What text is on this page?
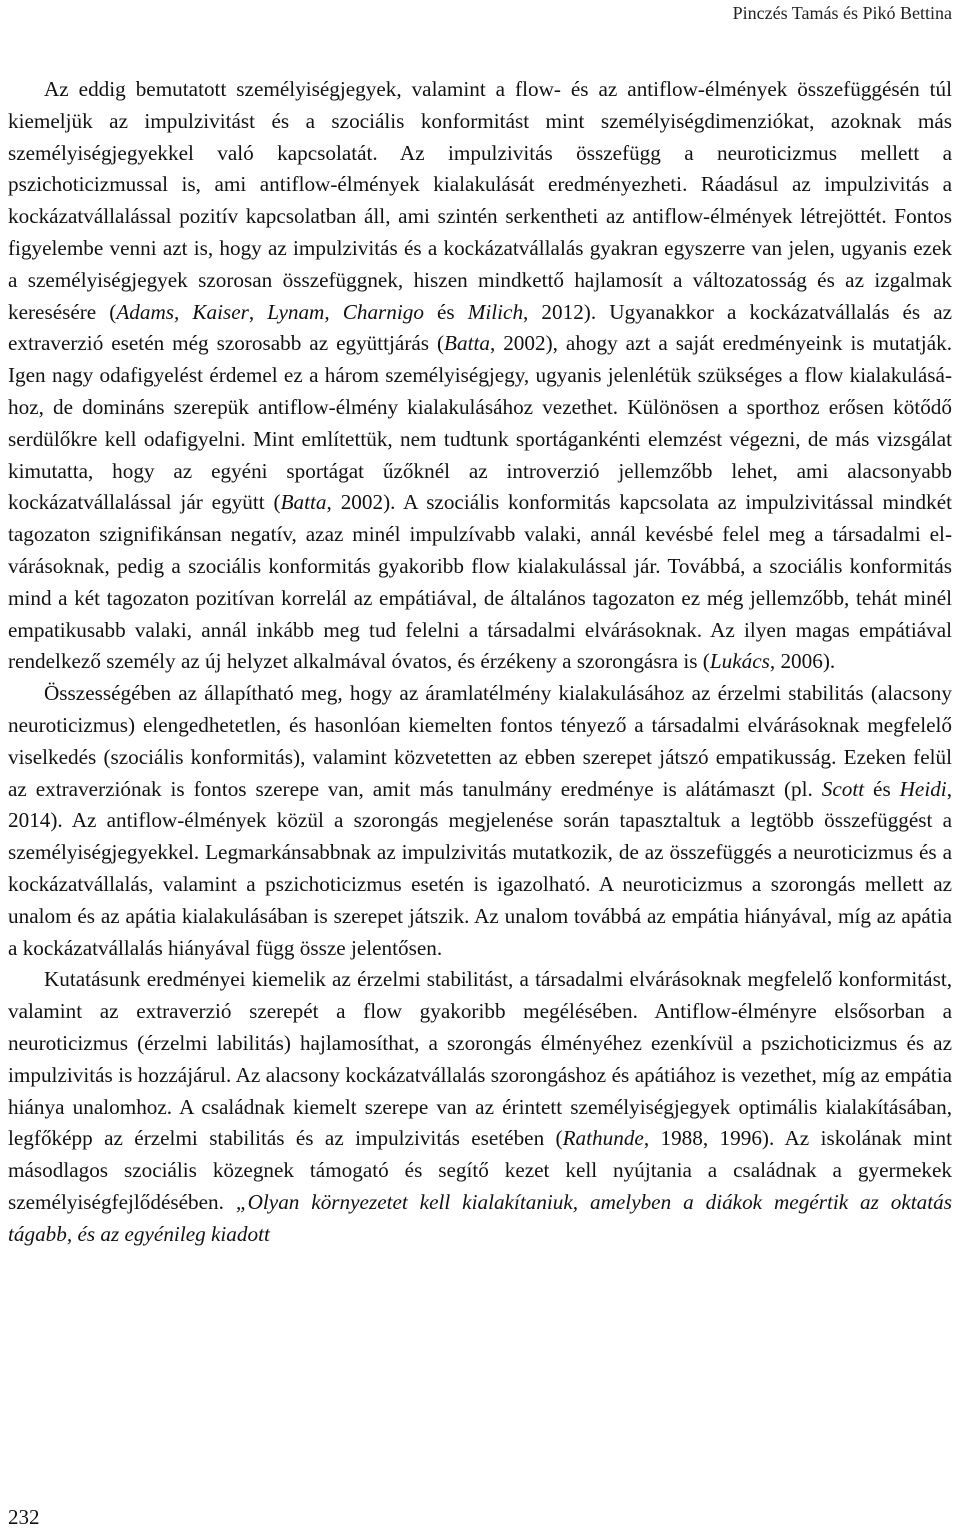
Pinczés Tamás és Pikó Bettina

Az eddig bemutatott személyiségjegyek, valamint a flow- és az antiflow-élmények összefüggésén túl kiemeljük az impulzivitást és a szociális konformitást mint személyiségdimenziókat, azoknak más személyiségjegyekkel való kapcsolatát. Az impulzivitás összefügg a neuroticizmus mellett a pszichoticizmussal is, ami antiflow-élmények kialakulását eredményezheti. Ráadásul az impulzivitás a kockázatvállalással pozitív kapcsolatban áll, ami szintén serkentheti az antiflow-élmények létrejöttét. Fontos figyelembe venni azt is, hogy az impulzivitás és a kockázatvállalás gyakran egyszerre van jelen, ugyanis ezek a személyiségjegyek szorosan összefüggnek, hiszen mindkettő hajlamosít a változatosság és az izgalmak keresésére (Adams, Kaiser, Lynam, Charnigo és Milich, 2012). Ugyanakkor a kockázatvállalás és az extraverzió esetén még szorosabb az együttjárás (Batta, 2002), ahogy azt a saját eredményeink is mutatják. Igen nagy odafigyelést érdemel ez a három személyiségjegy, ugyanis jelenlétük szükséges a flow kialakulásához, de domináns szerepük antiflow-élmény kialakulásához vezethet. Különösen a sporthoz erősen kötődő serdülőkre kell odafigyelni. Mint említettük, nem tudtunk sportágankénti elemzést végezni, de más vizsgálat kimutatta, hogy az egyéni sportágat űzőknél az introverzió jellemzőbb lehet, ami alacsonyabb kockázatvállalással jár együtt (Batta, 2002). A szociális konformitás kapcsolata az impulzivitással mindkét tagozaton szignifikánsan negatív, azaz minél impulzívabb valaki, annál kevésbé felel meg a társadalmi elvárásoknak, pedig a szociális konformitás gyakoribb flow kialakulással jár. Továbbá, a szociális konformitás mind a két tagozaton pozitívan korrelál az empátiával, de általános tagozaton ez még jellemzőbb, tehát minél empatikusabb valaki, annál inkább meg tud felelni a társadalmi elvárásoknak. Az ilyen magas empátiával rendelkező személy az új helyzet alkalmával óvatos, és érzékeny a szorongásra is (Lukács, 2006).

Összességében az állapítható meg, hogy az áramlatélmény kialakulásához az érzelmi stabilitás (alacsony neuroticizmus) elengedhetetlen, és hasonlóan kiemelten fontos tényező a társadalmi elvárásoknak megfelelő viselkedés (szociális konformitás), valamint közvetetten az ebben szerepet játszó empatikusság. Ezeken felül az extraverziónak is fontos szerepe van, amit más tanulmány eredménye is alátámaszt (pl. Scott és Heidi, 2014). Az antiflow-élmények közül a szorongás megjelenése során tapasztaltuk a legtöbb összefüggést a személyiségjegyekkel. Legmarkánsabbnak az impulzivitás mutatkozik, de az összefüggés a neuroticizmus és a kockázatvállalás, valamint a pszichoticizmus esetén is igazolható. A neuroticizmus a szorongás mellett az unalom és az apátia kialakulásában is szerepet játszik. Az unalom továbbá az empátia hiányával, míg az apátia a kockázatvállalás hiányával függ össze jelentősen.

Kutatásunk eredményei kiemelik az érzelmi stabilitást, a társadalmi elvárásoknak megfelelő konformitást, valamint az extraverzió szerepét a flow gyakoribb megélésében. Antiflow-élményre elsősorban a neuroticizmus (érzelmi labilitás) hajlamosíthat, a szorongás élményéhez ezenkívül a pszichoticizmus és az impulzivitás is hozzájárul. Az alacsony kockázatvállalás szorongáshoz és apátiához is vezethet, míg az empátia hiánya unalomhoz. A családnak kiemelt szerepe van az érintett személyiségjegyek optimális kialakításában, legfőképp az érzelmi stabilitás és az impulzivitás esetében (Rathunde, 1988, 1996). Az iskolának mint másodlagos szociális közegnek támogató és segítő kezet kell nyújtania a családnak a gyermekek személyiségfejlődésében. „Olyan környezetet kell kialakítaniuk, amelyben a diákok megértik az oktatás tágabb, és az egyénileg kiadott

232
